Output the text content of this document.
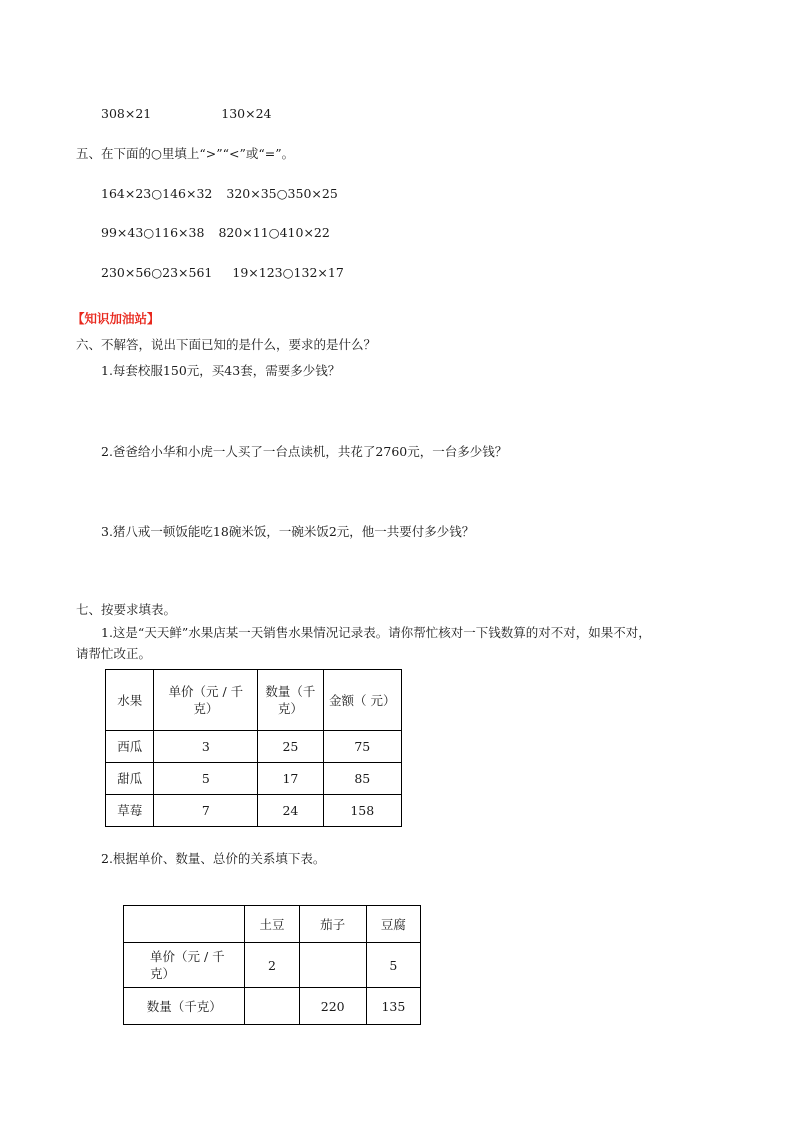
308×21	130×24
五、在下面的○里填上“>”“<”或“=”。
164×23○146×32 320×35○350×25
99×43○116×38 820×11○410×22
230×56○23×561 19×123○132×17
【知识加油站】
六、不解答，说出下面已知的是什么，要求的是什么？
1.每套校服150元，买43套，需要多少钱？
2.爸爸给小华和小虎一人买了一台点读机，共花了2760元，一台多少钱？
3.猪八戒一顿饭能吃18碗米饭，一碗米饭2元，他一共要付多少钱？
七、按要求填表。
1.这是“天天鲜”水果店某一天销售水果情况记录表。请你帮忙核对一下钱数算的对不对，如果不对，
请帮忙改正。
水果	单价（元 / 千克）	数量（千克）	金额（ 元）
西瓜	3	25	75
甜瓜	5	17	85
草莓	7	24	158
2.根据单价、数量、总价的关系填下表。
	土豆	茄子	豆腐
单价（元 / 千克）	2		5
数量（千克）		220	135
